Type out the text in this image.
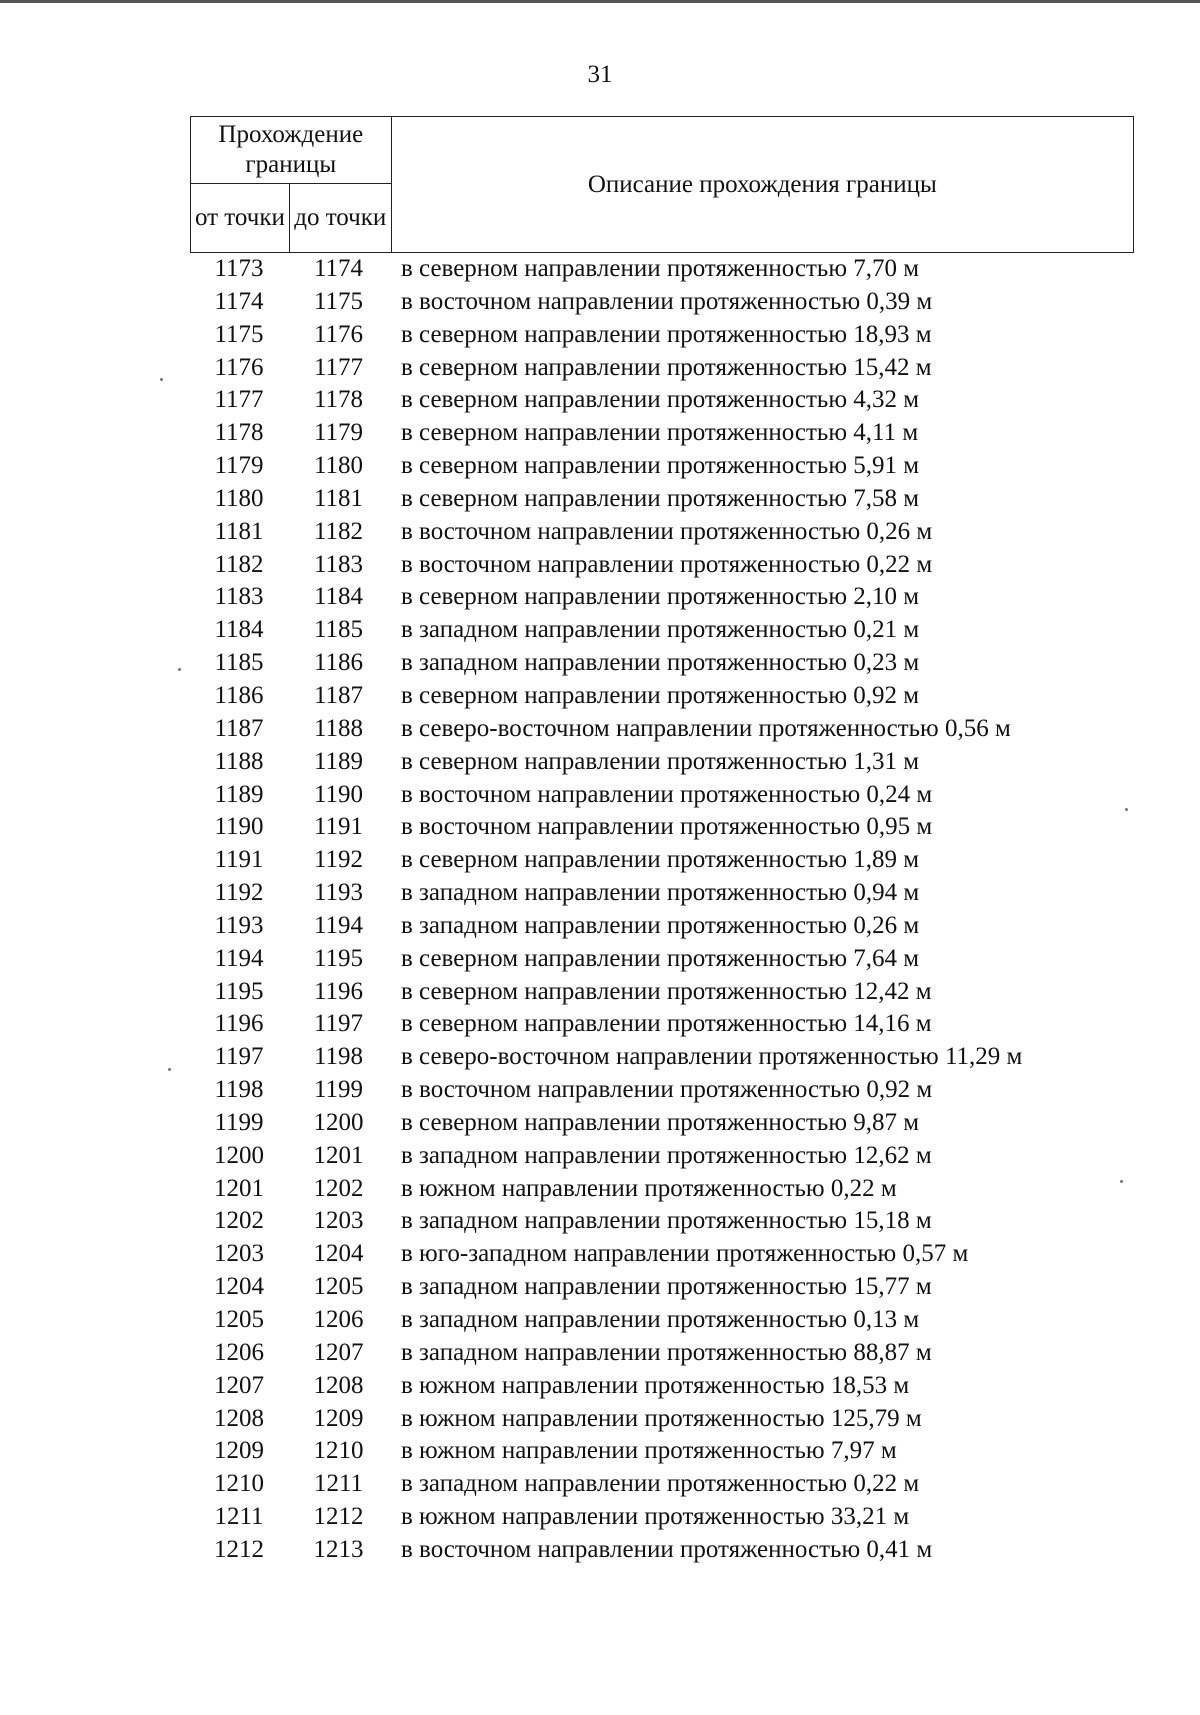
31
Прохождение границы		Описание прохождения границы
от точки	до точки	
1173	1174	в северном направлении протяженностью 7,70 м
1174	1175	в восточном направлении протяженностью 0,39 м
1175	1176	в северном направлении протяженностью 18,93 м
1176	1177	в северном направлении протяженностью 15,42 м
1177	1178	в северном направлении протяженностью 4,32 м
1178	1179	в северном направлении протяженностью 4,11 м
1179	1180	в северном направлении протяженностью 5,91 м
1180	1181	в северном направлении протяженностью 7,58 м
1181	1182	в восточном направлении протяженностью 0,26 м
1182	1183	в восточном направлении протяженностью 0,22 м
1183	1184	в северном направлении протяженностью 2,10 м
1184	1185	в западном направлении протяженностью 0,21 м
1185	1186	в западном направлении протяженностью 0,23 м
1186	1187	в северном направлении протяженностью 0,92 м
1187	1188	в северо-восточном направлении протяженностью 0,56 м
1188	1189	в северном направлении протяженностью 1,31 м
1189	1190	в восточном направлении протяженностью 0,24 м
1190	1191	в восточном направлении протяженностью 0,95 м
1191	1192	в северном направлении протяженностью 1,89 м
1192	1193	в западном направлении протяженностью 0,94 м
1193	1194	в западном направлении протяженностью 0,26 м
1194	1195	в северном направлении протяженностью 7,64 м
1195	1196	в северном направлении протяженностью 12,42 м
1196	1197	в северном направлении протяженностью 14,16 м
1197	1198	в северо-восточном направлении протяженностью 11,29 м
1198	1199	в восточном направлении протяженностью 0,92 м
1199	1200	в северном направлении протяженностью 9,87 м
1200	1201	в западном направлении протяженностью 12,62 м
1201	1202	в южном направлении протяженностью 0,22 м
1202	1203	в западном направлении протяженностью 15,18 м
1203	1204	в юго-западном направлении протяженностью 0,57 м
1204	1205	в западном направлении протяженностью 15,77 м
1205	1206	в западном направлении протяженностью 0,13 м
1206	1207	в западном направлении протяженностью 88,87 м
1207	1208	в южном направлении протяженностью 18,53 м
1208	1209	в южном направлении протяженностью 125,79 м
1209	1210	в южном направлении протяженностью 7,97 м
1210	1211	в западном направлении протяженностью 0,22 м
1211	1212	в южном направлении протяженностью 33,21 м
1212	1213	в восточном направлении протяженностью 0,41 м
